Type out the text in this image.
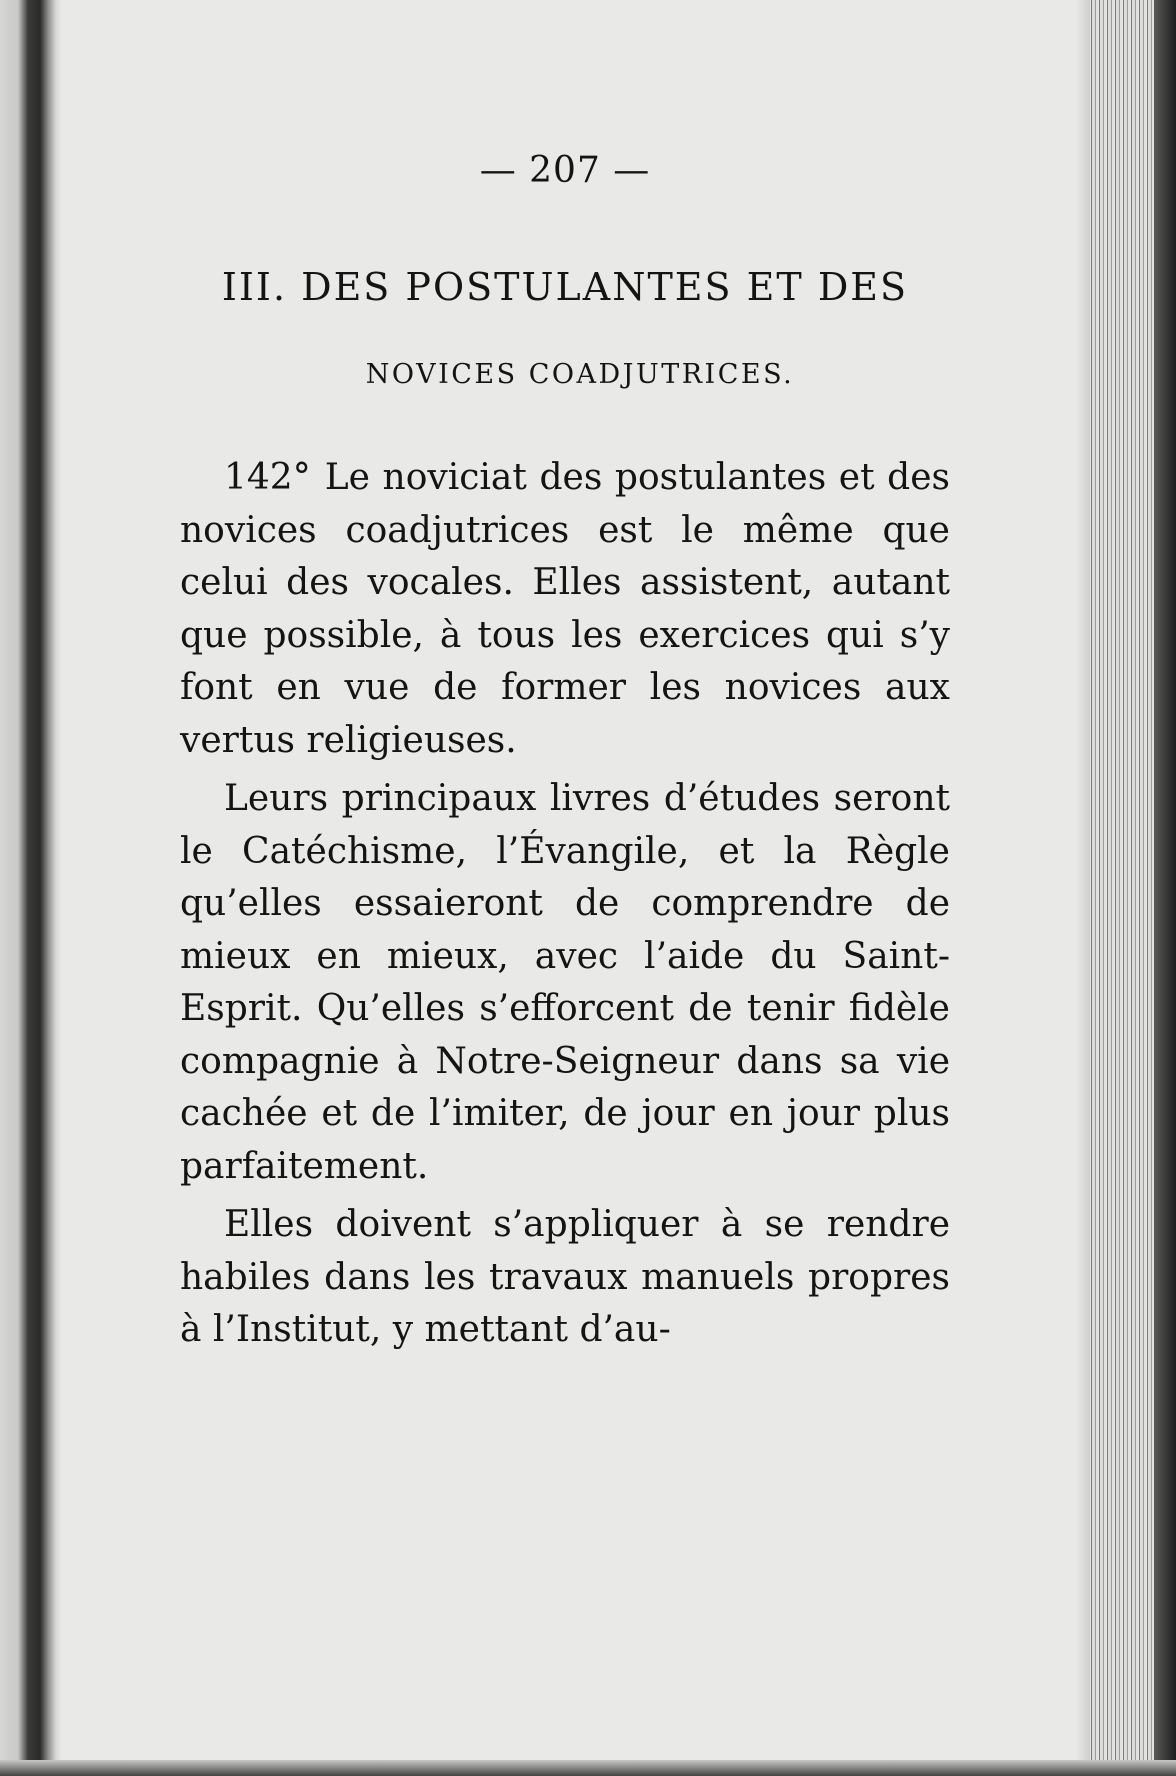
— 207 —
III. DES POSTULANTES ET DES
NOVICES COADJUTRICES.

142° Le noviciat des postulantes et des novices coadjutrices est le même que celui des vocales. Elles assistent, autant que possible, à tous les exercices qui s’y font en vue de former les novices aux vertus religieuses.

Leurs principaux livres d’études seront le Catéchisme, l’Évangile, et la Règle qu’elles essaieront de comprendre de mieux en mieux, avec l’aide du Saint-Esprit. Qu’elles s’efforcent de tenir fidèle compagnie à Notre-Seigneur dans sa vie cachée et de l’imiter, de jour en jour plus parfaitement.

Elles doivent s’appliquer à se rendre habiles dans les travaux manuels propres à l’Institut, y mettant d’au-
